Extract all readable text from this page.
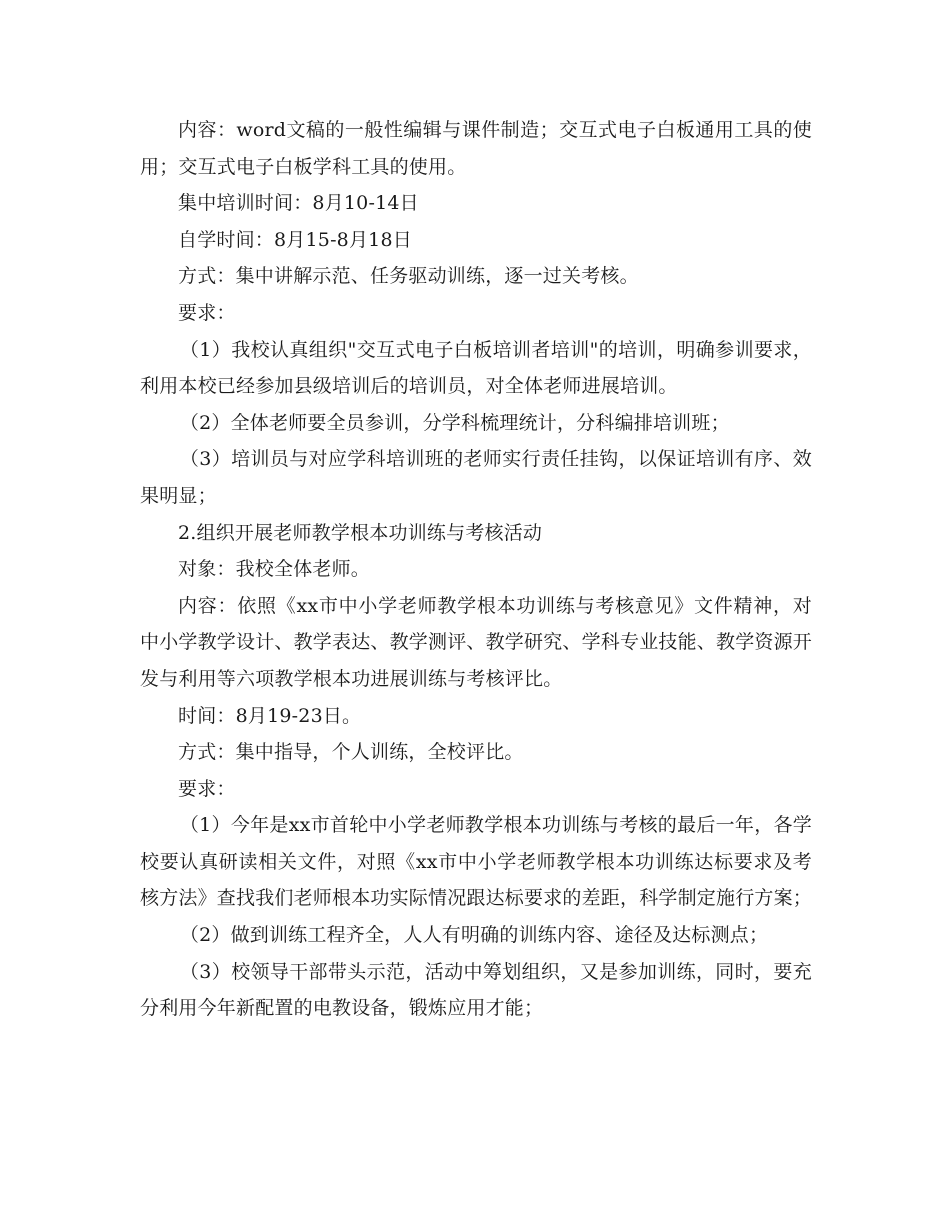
内容：word文稿的一般性编辑与课件制造；交互式电子白板通用工具的使用；交互式电子白板学科工具的使用。

集中培训时间：8月10-14日

自学时间：8月15-8月18日

方式：集中讲解示范、任务驱动训练，逐一过关考核。

要求：

（1）我校认真组织"交互式电子白板培训者培训"的培训，明确参训要求，利用本校已经参加县级培训后的培训员，对全体老师进展培训。

（2）全体老师要全员参训，分学科梳理统计，分科编排培训班；

（3）培训员与对应学科培训班的老师实行责任挂钩，以保证培训有序、效果明显；

2.组织开展老师教学根本功训练与考核活动

对象：我校全体老师。

内容：依照《xx市中小学老师教学根本功训练与考核意见》文件精神，对中小学教学设计、教学表达、教学测评、教学研究、学科专业技能、教学资源开发与利用等六项教学根本功进展训练与考核评比。

时间：8月19-23日。

方式：集中指导，个人训练，全校评比。

要求：

（1）今年是xx市首轮中小学老师教学根本功训练与考核的最后一年，各学校要认真研读相关文件，对照《xx市中小学老师教学根本功训练达标要求及考核方法》查找我们老师根本功实际情况跟达标要求的差距，科学制定施行方案；

（2）做到训练工程齐全，人人有明确的训练内容、途径及达标测点；

（3）校领导干部带头示范，活动中筹划组织，又是参加训练，同时，要充分利用今年新配置的电教设备，锻炼应用才能；
